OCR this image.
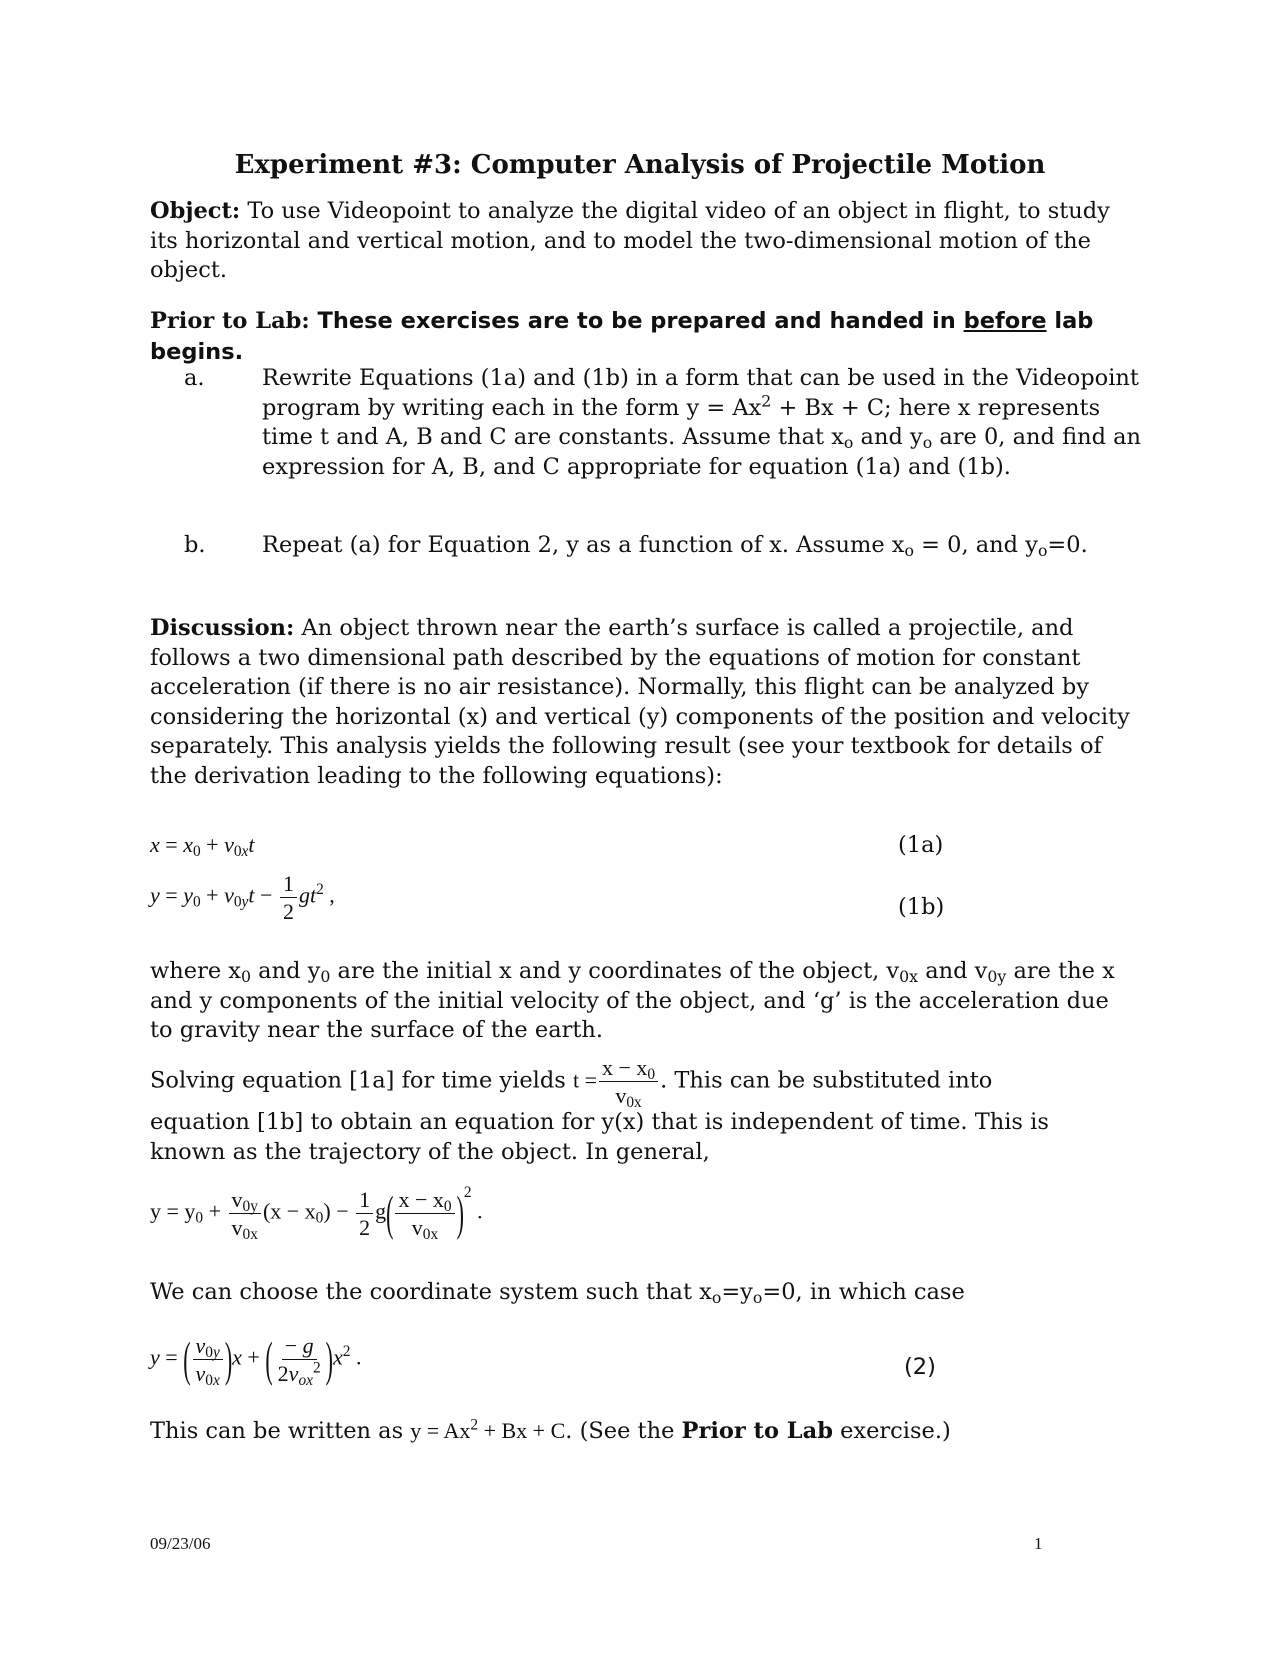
Experiment #3: Computer Analysis of Projectile Motion

Object: To use Videopoint to analyze the digital video of an object in flight, to study its horizontal and vertical motion, and to model the two-dimensional motion of the object.

Prior to Lab: These exercises are to be prepared and handed in before lab begins.

a.	Rewrite Equations (1a) and (1b) in a form that can be used in the Videopoint program by writing each in the form $y = Ax^2 + Bx + C$; here x represents time t and A, B and C are constants. Assume that $x_o$ and $y_o$ are 0, and find an expression for A, B, and C appropriate for equation (1a) and (1b).

b.	Repeat (a) for Equation 2, y as a function of x. Assume $x_o = 0$, and $y_o=0$.

Discussion: An object thrown near the earth’s surface is called a projectile, and follows a two dimensional path described by the equations of motion for constant acceleration (if there is no air resistance). Normally, this flight can be analyzed by considering the horizontal (x) and vertical (y) components of the position and velocity separately. This analysis yields the following result (see your textbook for details of the derivation leading to the following equations):

$x = x_0 + v_{0x}t$	(1a)
$y = y_0 + v_{0y}t - \frac{1}{2} gt^2$ ,	(1b)

where $x_0$ and $y_0$ are the initial x and y coordinates of the object, $v_{0x}$ and $v_{0y}$ are the x and y components of the initial velocity of the object, and ‘g’ is the acceleration due to gravity near the surface of the earth.

Solving equation [1a] for time yields $t = \frac{x - x_0}{v_{0x}}$ . This can be substituted into

equation [1b] to obtain an equation for y(x) that is independent of time. This is known as the trajectory of the object. In general,

$y = y_0 + \frac{v_{0y}}{v_{0x}} (x - x_0) - \frac{1}{2} g( \frac{x - x_0}{v_{0x}} )^2$ .

We can choose the coordinate system such that $x_o=y_o=0$, in which case

y = ( $\frac{v_{0y}}{v_{0x}} )x$ + ( $\frac{- g}{2v_{ox}^2} )x^2$ .	(2)
This can be written as $y = Ax^2 + Bx + C$. (See the Prior to Lab exercise.)
09/23/06	1
